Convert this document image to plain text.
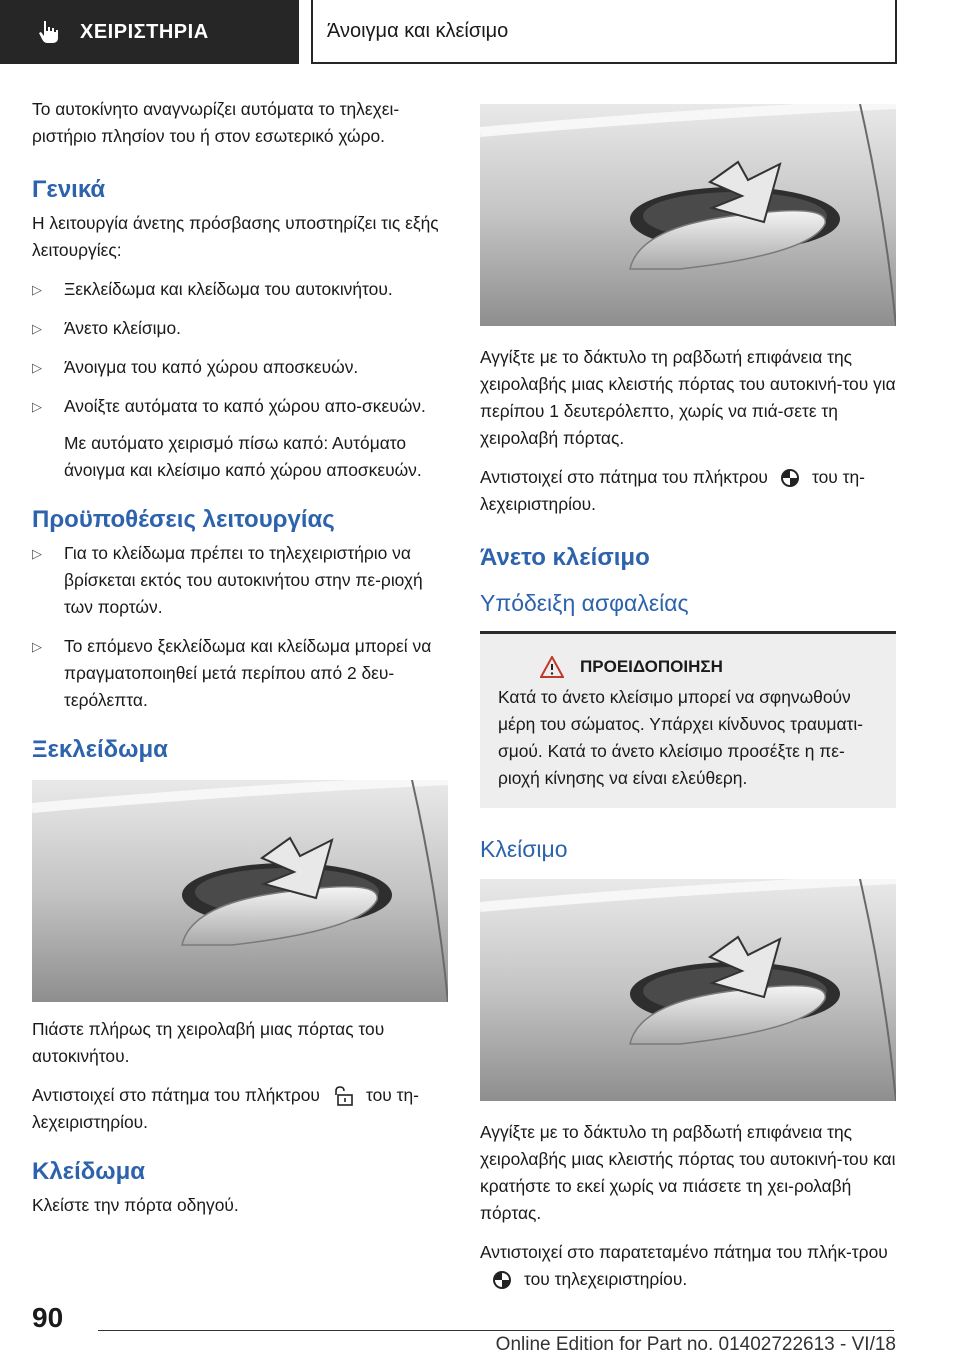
ΧΕΙΡΙΣΤΗΡΙΑ	Άνοιγμα και κλείσιμο

Το αυτοκίνητο αναγνωρίζει αυτόματα το τηλεχει-ριστήριο πλησίον του ή στον εσωτερικό χώρο.

Γενικά

Η λειτουργία άνετης πρόσβασης υποστηρίζει τις εξής λειτουργίες:

▷ Ξεκλείδωμα και κλείδωμα του αυτοκινήτου.
▷ Άνετο κλείσιμο.
▷ Άνοιγμα του καπό χώρου αποσκευών.
▷ Ανοίξτε αυτόματα το καπό χώρου απο-σκευών.

Με αυτόματο χειρισμό πίσω καπό: Αυτόματο άνοιγμα και κλείσιμο καπό χώρου αποσκευών.

Προϋποθέσεις λειτουργίας
▷ Για το κλείδωμα πρέπει το τηλεχειριστήριο να βρίσκεται εκτός του αυτοκινήτου στην πε-ριοχή των πορτών.
▷ Το επόμενο ξεκλείδωμα και κλείδωμα μπορεί να πραγματοποιηθεί μετά περίπου από 2 δευ-τερόλεπτα.
Ξεκλείδωμα

Πιάστε πλήρως τη χειρολαβή μιας πόρτας του αυτοκινήτου.

Αντιστοιχεί στο πάτημα του πλήκτρου	του τη-λεχειριστηρίου.

Κλείδωμα

Κλείστε την πόρτα οδηγού.

Αγγίξτε με το δάκτυλο τη ραβδωτή επιφάνεια της χειρολαβής μιας κλειστής πόρτας του αυτοκινή-του για περίπου 1 δευτερόλεπτο, χωρίς να πιά-σετε τη χειρολαβή πόρτας.

Αντιστοιχεί στο πάτημα του πλήκτρου	του τη-λεχειριστηρίου.

Άνετο κλείσιμο
Υπόδειξη ασφαλείας
ΠΡΟΕΙΔΟΠΟΙΗΣΗ

Κατά το άνετο κλείσιμο μπορεί να σφηνωθούν μέρη του σώματος. Υπάρχει κίνδυνος τραυματι-σμού. Κατά το άνετο κλείσιμο προσέξτε η πε-ριοχή κίνησης να είναι ελεύθερη.

Κλείσιμο

Αγγίξτε με το δάκτυλο τη ραβδωτή επιφάνεια της χειρολαβής μιας κλειστής πόρτας του αυτοκινή-του και κρατήστε το εκεί χωρίς να πιάσετε τη χει-ρολαβή πόρτας.

Αντιστοιχεί στο παρατεταμένο πάτημα του πλήκ-τρουτου τηλεχειριστηρίου.

90
Online Edition for Part no. 01402722613 - VI/18
